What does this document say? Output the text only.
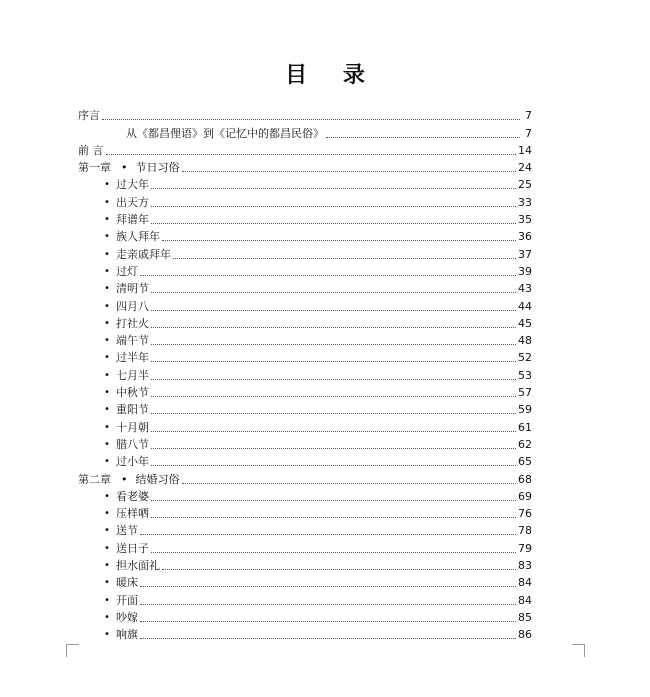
目 录
序言	7
从《都昌俚语》到《记忆中的都昌民俗》	7
前 言	14
第一章 • 节日习俗	24
• 过大年	25
• 出天方	33
• 拜谱年	35
• 族人拜年	36
• 走亲戚拜年	37
• 过灯	39
• 清明节	43
• 四月八	44
• 打社火	45
• 端午节	48
• 过半年	52
• 七月半	53
• 中秋节	57
• 重阳节	59
• 十月朝	61
• 腊八节	62
• 过小年	65
第二章 • 结婚习俗	68
• 看老婆	69
• 压样哂	76
• 送节	78
• 送日子	79
• 担水面礼	83
• 暖床	84
• 开面	84
• 吵嫁	85
• 响旗	86
